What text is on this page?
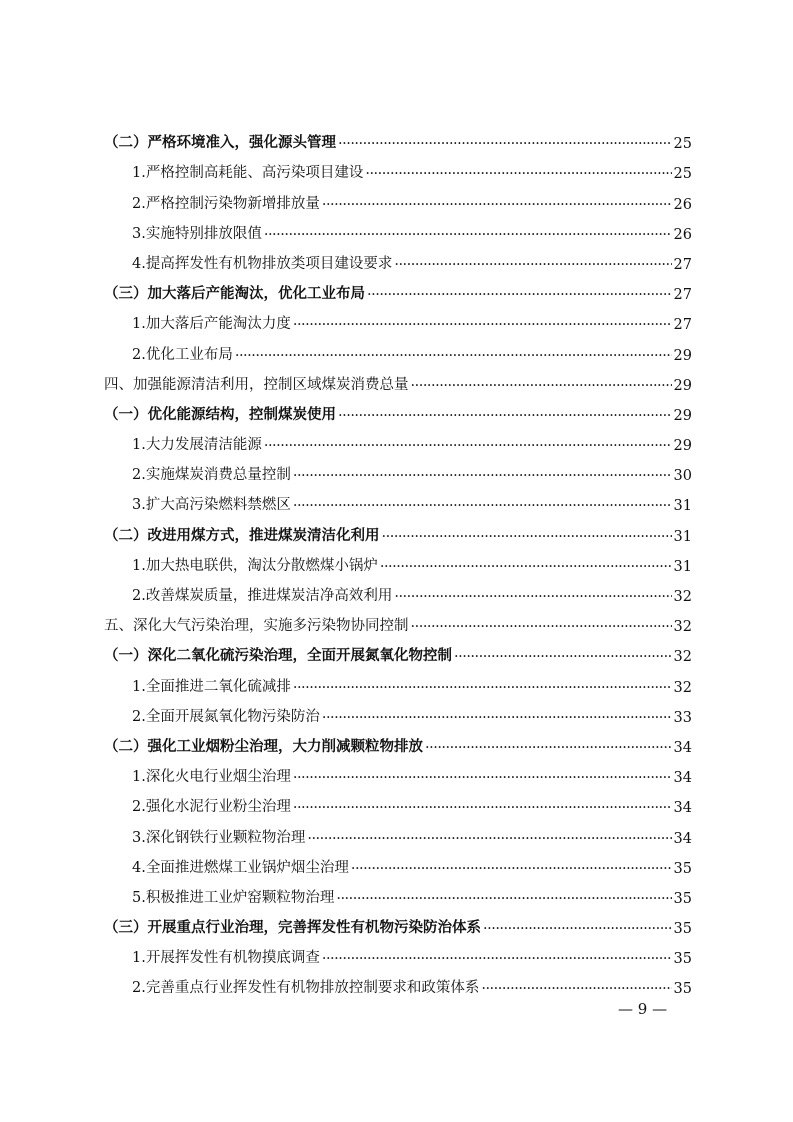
（二）严格环境准入，强化源头管理 ·····	25
1.严格控制高耗能、高污染项目建设 ·····	25
2.严格控制污染物新增排放量 ·····	26
3.实施特别排放限值 ·····	26
4.提高挥发性有机物排放类项目建设要求 ·····	27
（三）加大落后产能淘汰，优化工业布局 ·····	27
1.加大落后产能淘汰力度 ·····	27
2.优化工业布局 ·····	29
四、加强能源清洁利用，控制区域煤炭消费总量 ·····	29
（一）优化能源结构，控制煤炭使用 ·····	29
1.大力发展清洁能源 ·····	29
2.实施煤炭消费总量控制 ·····	30
3.扩大高污染燃料禁燃区 ·····	31
（二）改进用煤方式，推进煤炭清洁化利用 ·····	31
1.加大热电联供，淘汰分散燃煤小锅炉 ·····	31
2.改善煤炭质量，推进煤炭洁净高效利用 ·····	32
五、深化大气污染治理，实施多污染物协同控制 ·····	32
（一）深化二氧化硫污染治理，全面开展氮氧化物控制 ·····	32
1.全面推进二氧化硫减排 ·····	32
2.全面开展氮氧化物污染防治 ·····	33
（二）强化工业烟粉尘治理，大力削减颗粒物排放 ·····	34
1.深化火电行业烟尘治理 ·····	34
2.强化水泥行业粉尘治理 ·····	34
3.深化钢铁行业颗粒物治理 ·····	34
4.全面推进燃煤工业锅炉烟尘治理 ·····	35
5.积极推进工业炉窑颗粒物治理 ·····	35
（三）开展重点行业治理，完善挥发性有机物污染防治体系 ·····	35
1.开展挥发性有机物摸底调查 ·····	35
2.完善重点行业挥发性有机物排放控制要求和政策体系 ·····	35
— 9 —
